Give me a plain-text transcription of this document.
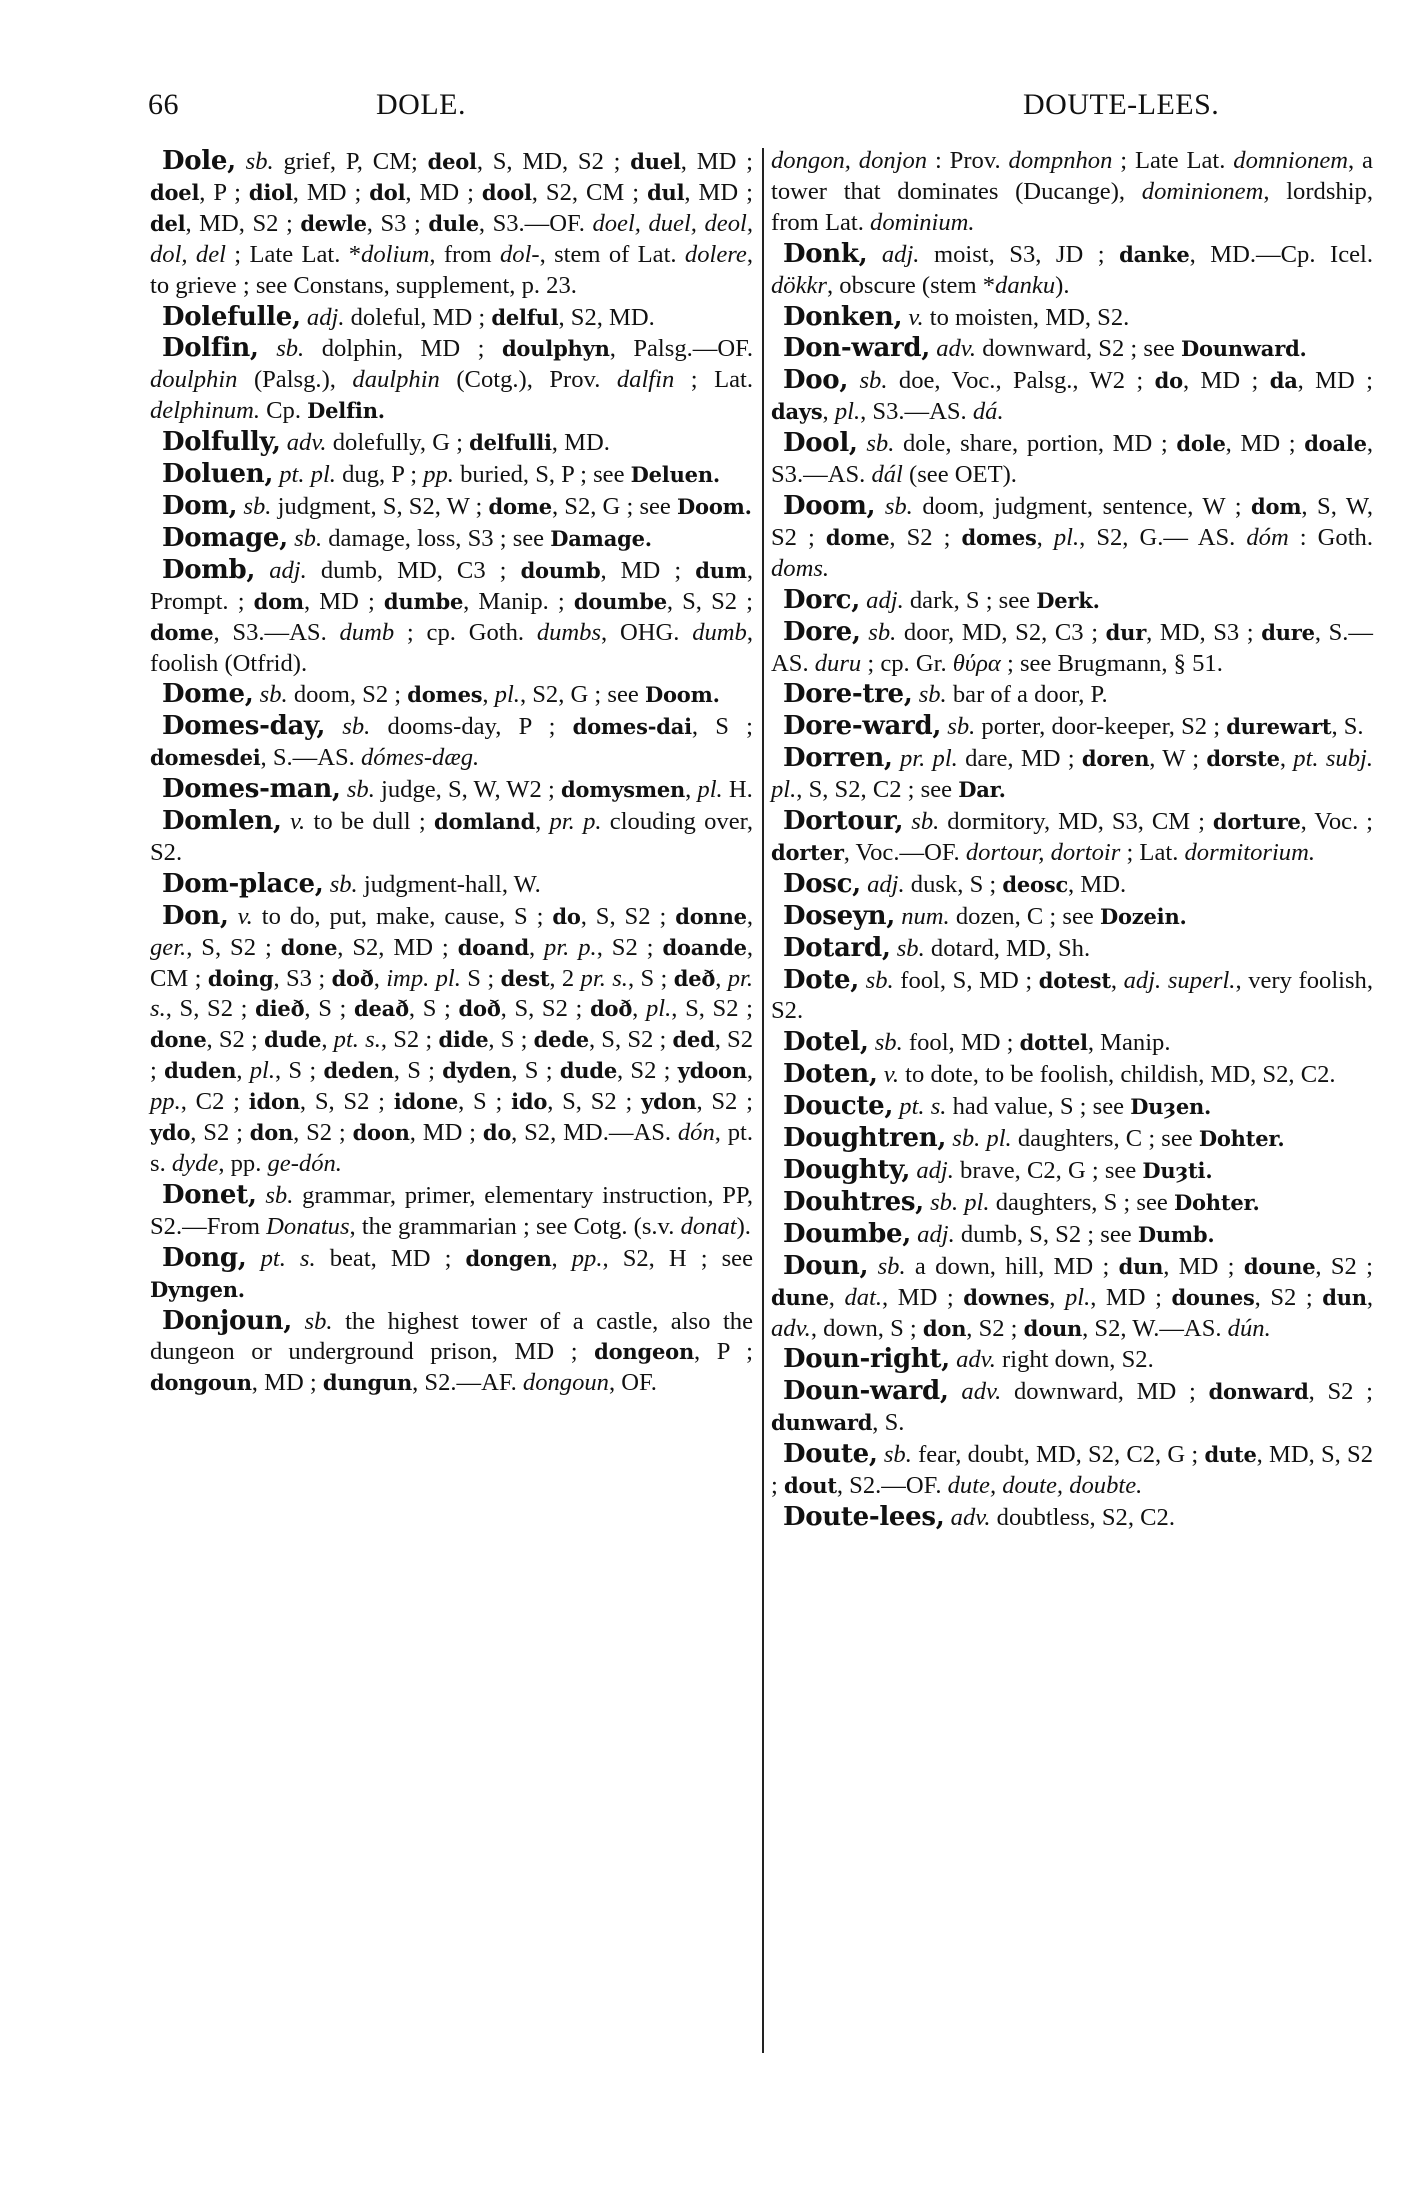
66	DOLE.	DOUTE-LEES.

Dole, sb. grief, P, CM; deol, S, MD, S2 ; duel, MD ; doel, P ; diol, MD ; dol, MD ; dool, S2, CM ; dul, MD ; del, MD, S2 ; dewle, S3 ; dule, S3.—OF. doel, duel, deol, dol, del ; Late Lat. *dolium, from dol-, stem of Lat. dolere, to grieve ; see Constans, supplement, p. 23.

Dolefulle, adj. doleful, MD ; delful, S2, MD.

Dolfin, sb. dolphin, MD ; doulphyn, Palsg.—OF. doulphin (Palsg.), daulphin (Cotg.), Prov. dalfin ; Lat. delphinum. Cp. Delfin.

Dolfully, adv. dolefully, G ; delfulli, MD.

Doluen, pt. pl. dug, P ; pp. buried, S, P ; see Deluen.

Dom, sb. judgment, S, S2, W ; dome, S2, G ; see Doom.

Domage, sb. damage, loss, S3 ; see Damage.

Domb, adj. dumb, MD, C3 ; doumb, MD ; dum, Prompt. ; dom, MD ; dumbe, Manip. ; doumbe, S, S2 ; dome, S3.—AS. dumb ; cp. Goth. dumbs, OHG. dumb, foolish (Otfrid).

Dome, sb. doom, S2 ; domes, pl., S2, G ; see Doom.

Domes-day, sb. dooms-day, P ; domes-dai, S ; domesdei, S.—AS. dómes-dæg.

Domes-man, sb. judge, S, W, W2 ; domysmen, pl. H.

Domlen, v. to be dull ; domland, pr. p. clouding over, S2.

Dom-place, sb. judgment-hall, W.

Don, v. to do, put, make, cause, S ; do, S, S2 ; donne, ger., S, S2 ; done, S2, MD ; doand, pr. p., S2 ; doande, CM ; doing, S3 ; doð, imp. pl. S ; dest, 2 pr. s., S ; deð, pr. s., S, S2 ; dieð, S ; deað, S ; doð, S, S2 ; doð, pl., S, S2 ; done, S2 ; dude, pt. s., S2 ; dide, S ; dede, S, S2 ; ded, S2 ; duden, pl., S ; deden, S ; dyden, S ; dude, S2 ; ydoon, pp., C2 ; idon, S, S2 ; idone, S ; ido, S, S2 ; ydon, S2 ; ydo, S2 ; don, S2 ; doon, MD ; do, S2, MD.—AS. dón, pt. s. dyde, pp. ge-dón.

Donet, sb. grammar, primer, elementary instruction, PP, S2.—From Donatus, the grammarian ; see Cotg. (s.v. donat).

Dong, pt. s. beat, MD ; dongen, pp., S2, H ; see Dyngen.

Donjoun, sb. the highest tower of a castle, also the dungeon or underground prison, MD ; dongeon, P ; dongoun, MD ; dungun, S2.—AF. dongoun, OF.

dongon, donjon : Prov. dompnhon ; Late Lat. domnionem, a tower that dominates (Ducange), dominionem, lordship, from Lat. dominium.

Donk, adj. moist, S3, JD ; danke, MD.—Cp. Icel. dökkr, obscure (stem *danku).

Donken, v. to moisten, MD, S2.

Don-ward, adv. downward, S2 ; see Dounward.

Doo, sb. doe, Voc., Palsg., W2 ; do, MD ; da, MD ; days, pl., S3.—AS. dá.

Dool, sb. dole, share, portion, MD ; dole, MD ; doale, S3.—AS. dál (see OET).

Doom, sb. doom, judgment, sentence, W ; dom, S, W, S2 ; dome, S2 ; domes, pl., S2, G.— AS. dóm : Goth. doms.

Dorc, adj. dark, S ; see Derk.

Dore, sb. door, MD, S2, C3 ; dur, MD, S3 ; dure, S.—AS. duru ; cp. Gr. θύρα ; see Brugmann, § 51.

Dore-tre, sb. bar of a door, P.

Dore-ward, sb. porter, door-keeper, S2 ; durewart, S.

Dorren, pr. pl. dare, MD ; doren, W ; dorste, pt. subj. pl., S, S2, C2 ; see Dar.

Dortour, sb. dormitory, MD, S3, CM ; dorture, Voc. ; dorter, Voc.—OF. dortour, dortoir ; Lat. dormitorium.

Dosc, adj. dusk, S ; deosc, MD.

Doseyn, num. dozen, C ; see Dozein.

Dotard, sb. dotard, MD, Sh.

Dote, sb. fool, S, MD ; dotest, adj. superl., very foolish, S2.

Dotel, sb. fool, MD ; dottel, Manip.

Doten, v. to dote, to be foolish, childish, MD, S2, C2.

Doucte, pt. s. had value, S ; see Duȝen.

Doughtren, sb. pl. daughters, C ; see Dohter.

Doughty, adj. brave, C2, G ; see Duȝti.

Douhtres, sb. pl. daughters, S ; see Dohter.

Doumbe, adj. dumb, S, S2 ; see Dumb.

Doun, sb. a down, hill, MD ; dun, MD ; doune, S2 ; dune, dat., MD ; downes, pl., MD ; dounes, S2 ; dun, adv., down, S ; don, S2 ; doun, S2, W.—AS. dún.

Doun-right, adv. right down, S2.

Doun-ward, adv. downward, MD ; donward, S2 ; dunward, S.

Doute, sb. fear, doubt, MD, S2, C2, G ; dute, MD, S, S2 ; dout, S2.—OF. dute, doute, doubte.

Doute-lees, adv. doubtless, S2, C2.
